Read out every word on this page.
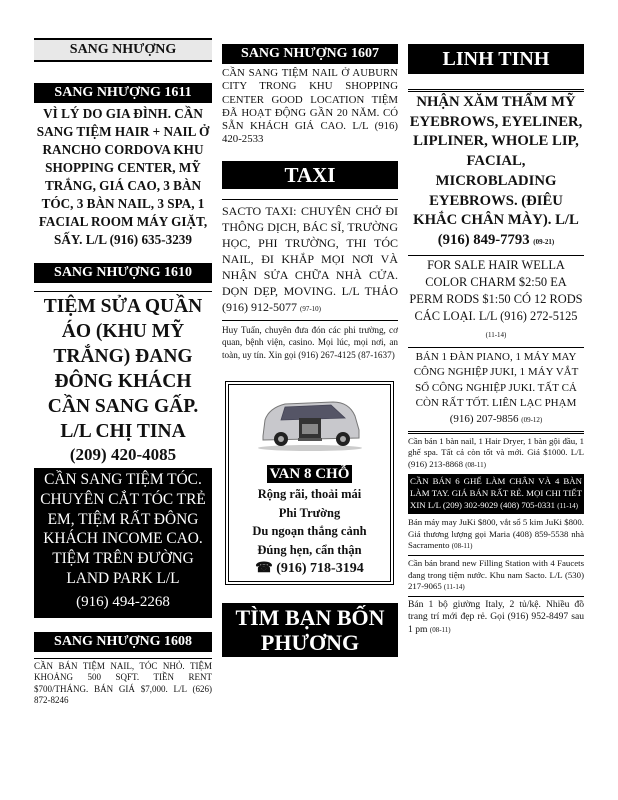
SANG NHƯỢNG
SANG NHƯỢNG 1611
VÌ LÝ DO GIA ĐÌNH. CẦN SANG TIỆM HAIR + NAIL Ở RANCHO CORDOVA KHU SHOPPING CENTER, MỸ TRẮNG, GIÁ CAO, 3 BÀN TÓC, 3 BÀN NAIL, 3 SPA, 1 FACIAL ROOM MÁY GIẶT, SẤY. L/L (916) 635-3239
SANG NHƯỢNG 1610
TIỆM SỬA QUẦN ÁO (KHU MỸ TRẮNG) ĐANG ĐÔNG KHÁCH CẦN SANG GẤP. L/L CHỊ TINA
(209) 420-4085
CẦN SANG TIỆM TÓC. CHUYÊN CẮT TÓC TRẺ EM, TIỆM RẤT ĐÔNG KHÁCH INCOME CAO. TIỆM TRÊN ĐƯỜNG LAND PARK L/L
(916) 494-2268
SANG NHƯỢNG 1608
CẦN BÁN TIỆM NAIL, TÓC NHỎ. TIỆM KHOẢNG 500 SQFT. TIỀN RENT $700/THÁNG. BÁN GIÁ $7,000. L/L (626) 872-8246
SANG NHƯỢNG 1607
CẦN SANG TIỆM NAIL Ở AUBURN CITY TRONG KHU SHOPPING CENTER GOOD LOCATION TIỆM ĐÃ HOẠT ĐỘNG GẦN 20 NĂM. CÓ SẴN KHÁCH GIÁ CAO. L/L (916) 420-2533
TAXI
SACTO TAXI: CHUYÊN CHỞ ĐI THÔNG DỊCH, BÁC SĨ, TRƯỜNG HỌC, PHI TRƯỜNG, THI TÓC NAIL, ĐI KHẮP MỌI NƠI VÀ NHẬN SỬA CHỮA NHÀ CỬA. DỌN DẸP, MOVING. L/L THẢO (916) 912-5077 (97-10)
Huy Tuấn, chuyên đưa đón các phi trường, cơ quan, bệnh viện, casino. Mọi lúc, mọi nơi, an toàn, uy tín. Xin gọi (916) 267-4125 (87-1637)
VAN 8 CHỖ
Rộng rãi, thoải mái
Phi Trường
Du ngoạn thắng cảnh
Đúng hẹn, cẩn thận
☎ (916) 718-3194
TÌM BẠN BỐN PHƯƠNG
LINH TINH
NHẬN XĂM THẨM MỸ EYEBROWS, EYELINER, LIPLINER, WHOLE LIP, FACIAL, MICROBLADING EYEBROWS. (ĐIÊU KHẮC CHÂN MÀY). L/L (916) 849-7793 (09-21)
FOR SALE HAIR WELLA COLOR CHARM $2:50 EA PERM RODS $1:50 CÓ 12 RODS CÁC LOẠI. L/L (916) 272-5125 (11-14)
BÁN 1 ĐÀN PIANO, 1 MÁY MAY CÔNG NGHIỆP JUKI, 1 MÁY VẮT SỔ CÔNG NGHIỆP JUKI. TẤT CẢ CÒN RẤT TỐT. LIÊN LẠC PHẠM (916) 207-9856 (09-12)
Cần bán 1 bàn nail, 1 Hair Dryer, 1 bàn gội đầu, 1 ghế spa. Tất cả còn tốt và mới. Giá $1000. L/L (916) 213-8868 (08-11)
CẦN BÁN 6 GHẾ LÀM CHÂN VÀ 4 BÀN LÀM TAY. GIÁ BÁN RẤT RẺ. MỌI CHI TIẾT XIN L/L (209) 302-9029 (408) 705-0331 (11-14)
Bán máy may JuKi $800, vắt sổ 5 kim JuKi $800. Giá thương lượng gọi Maria (408) 859-5538 nhà Sacramento (08-11)
Cần bán brand new Filling Station with 4 Faucets đang trong tiệm nước. Khu nam Sacto. L/L (530) 217-9065 (11-14)
Bán 1 bộ giường Italy, 2 tủ/kệ. Nhiều đồ trang trí mới đẹp rẻ. Gọi (916) 952-8497 sau 1 pm (08-11)
